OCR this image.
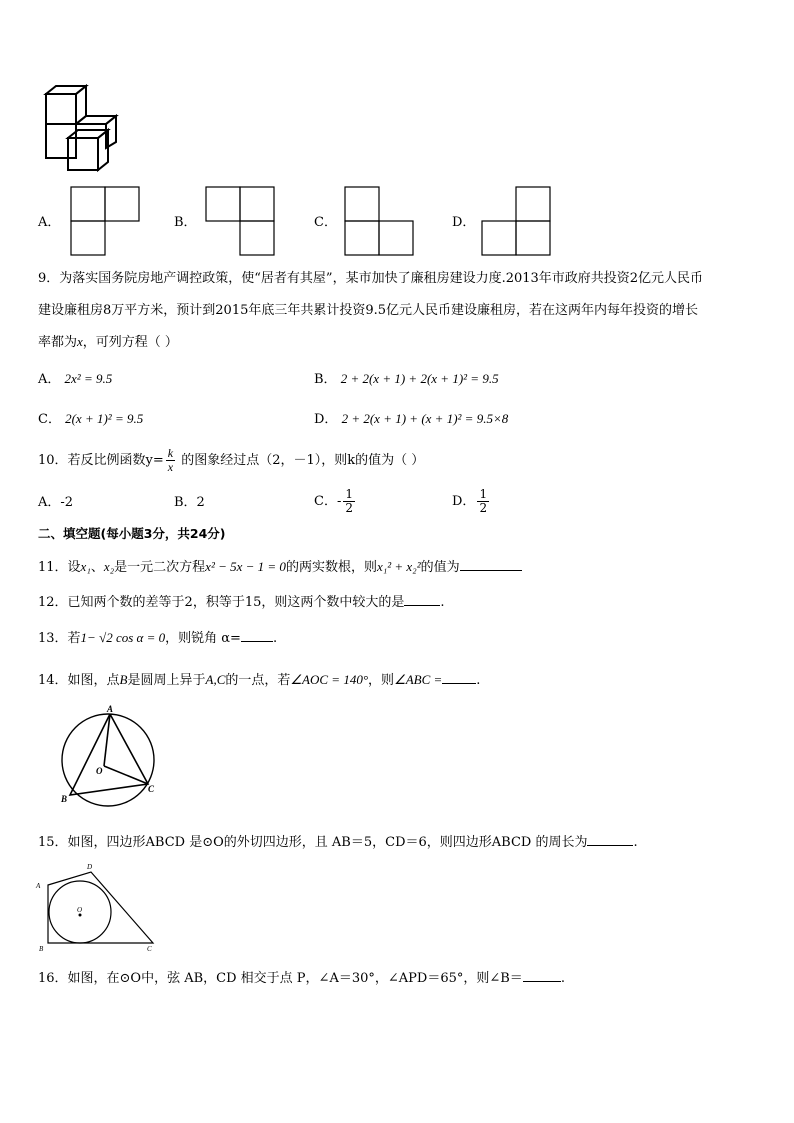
A．	B．	C．	D．
9．为落实国务院房地产调控政策，使“居者有其屋”，某市加快了廉租房建设力度.2013年市政府共投资2亿元人民币
建设廉租房8万平方米，预计到2015年底三年共累计投资9.5亿元人民币建设廉租房，若在这两年内每年投资的增长
率都为x，可列方程（ ）
A． 2x² = 9.5	B． 2 + 2(x + 1) + 2(x + 1)² = 9.5
C． 2(x + 1)² = 9.5	D． 2 + 2(x + 1) + (x + 1)² = 9.5×8
10．若反比例函数$y= \frac{k}{x}$ 的图象经过点（2，－1），则k的值为（ ）
A．-2	B．2	C．- $\frac{1}{2}$	D． $\frac{1}{2}$
二、填空题(每小题3分，共24分)
11．设x₁、x₂是一元二次方程x² − 5x − 1 = 0的两实数根，则x₁² + x₂²的值为
12．已知两个数的差等于2，积等于15，则这两个数中较大的是	.
13．若1− √2 cos α = 0，则锐角 α= .
14．如图，点B是圆周上异于A,C的一点，若∠AOC = 140°，则∠ABC =	.
A
B
C
O
15．如图，四边形ABCD 是⊙O的外切四边形，且 AB＝5，CD＝6，则四边形ABCD 的周长为	.
A
B	C
D
O
16．如图，在⊙O中，弦 AB，CD 相交于点 P，∠A＝30°，∠APD＝65°，则∠B＝	.
